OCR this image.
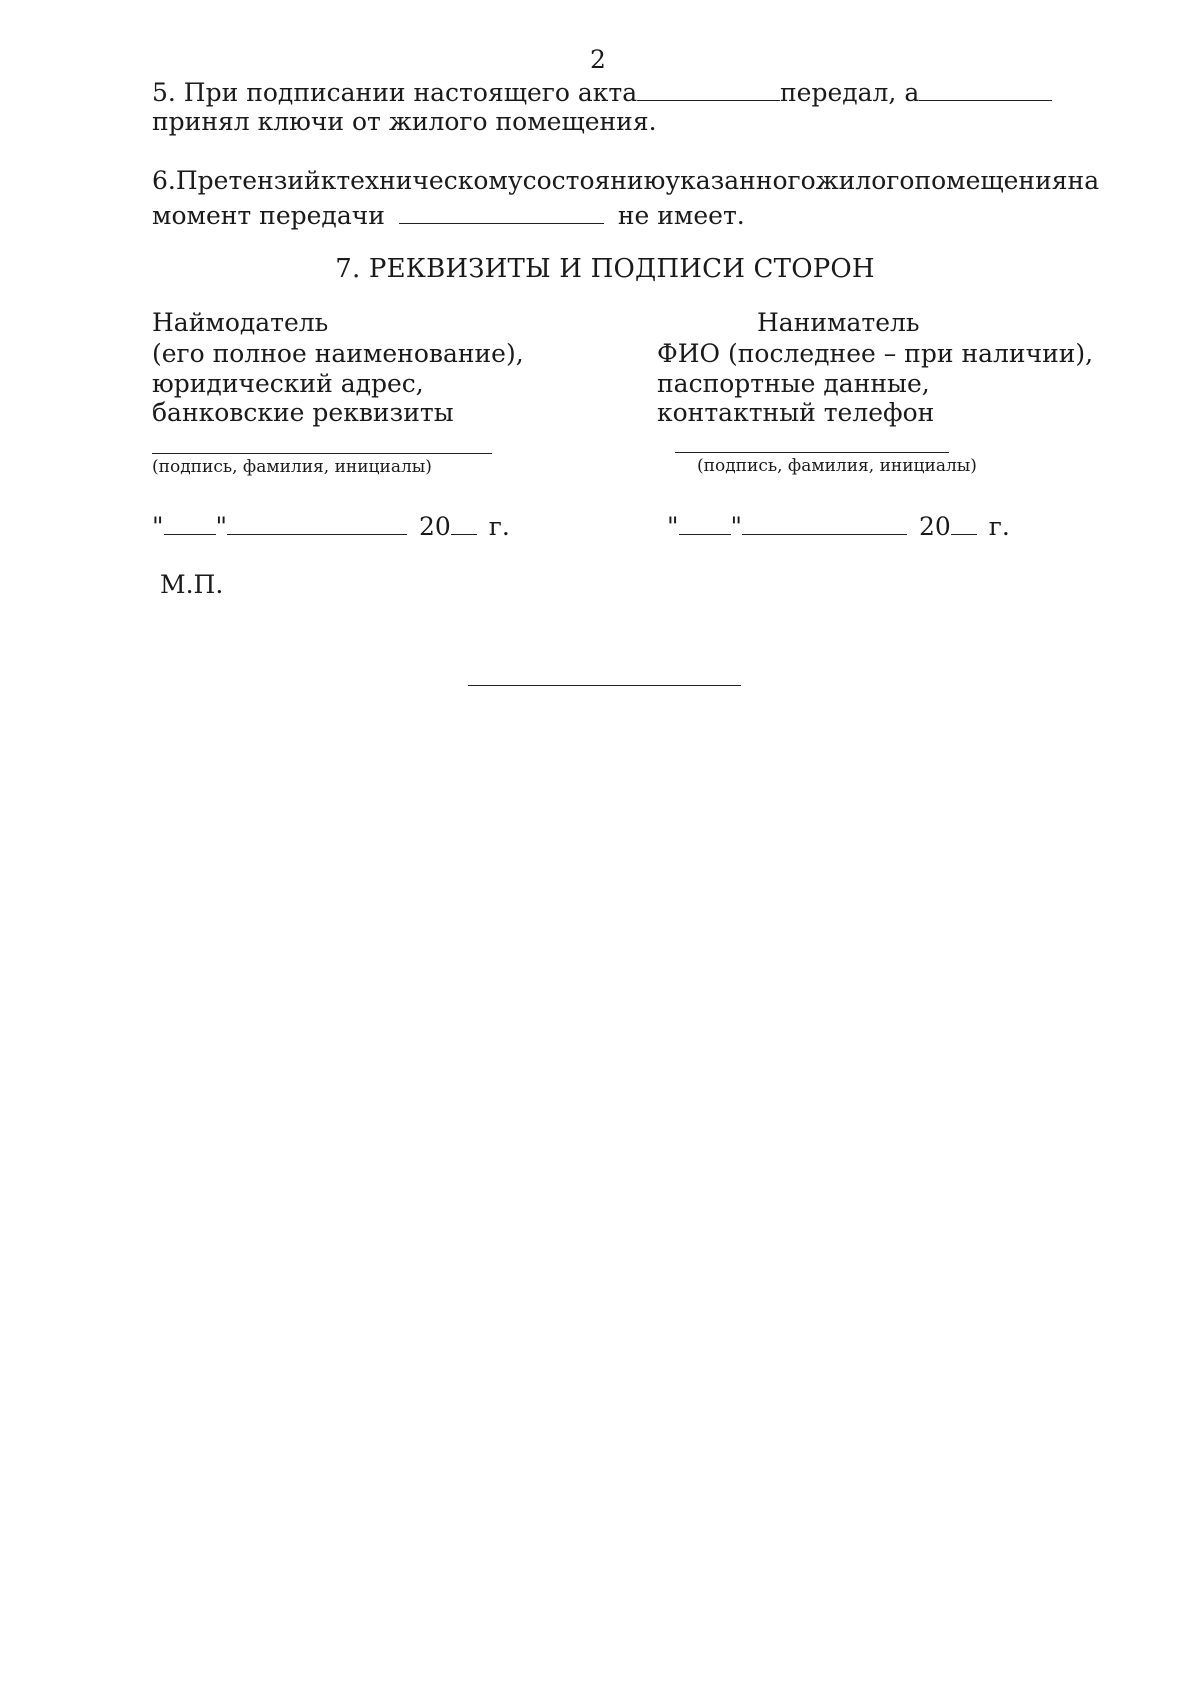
2
5. При подписании настоящего акта	передал, а
принял ключи от жилого помещения.
6. Претензий к техническому состоянию указанного жилого помещения на
момент передачи	не имеет.
7. РЕКВИЗИТЫ И ПОДПИСИ СТОРОН
Наймодатель
(его полное наименование),
юридический адрес,
банковские реквизиты
(подпись, фамилия, инициалы)
" "	20 г.
М.П.
Наниматель
ФИО (последнее – при наличии),
паспортные данные,
контактный телефон
(подпись, фамилия, инициалы)
" "	20 г.
